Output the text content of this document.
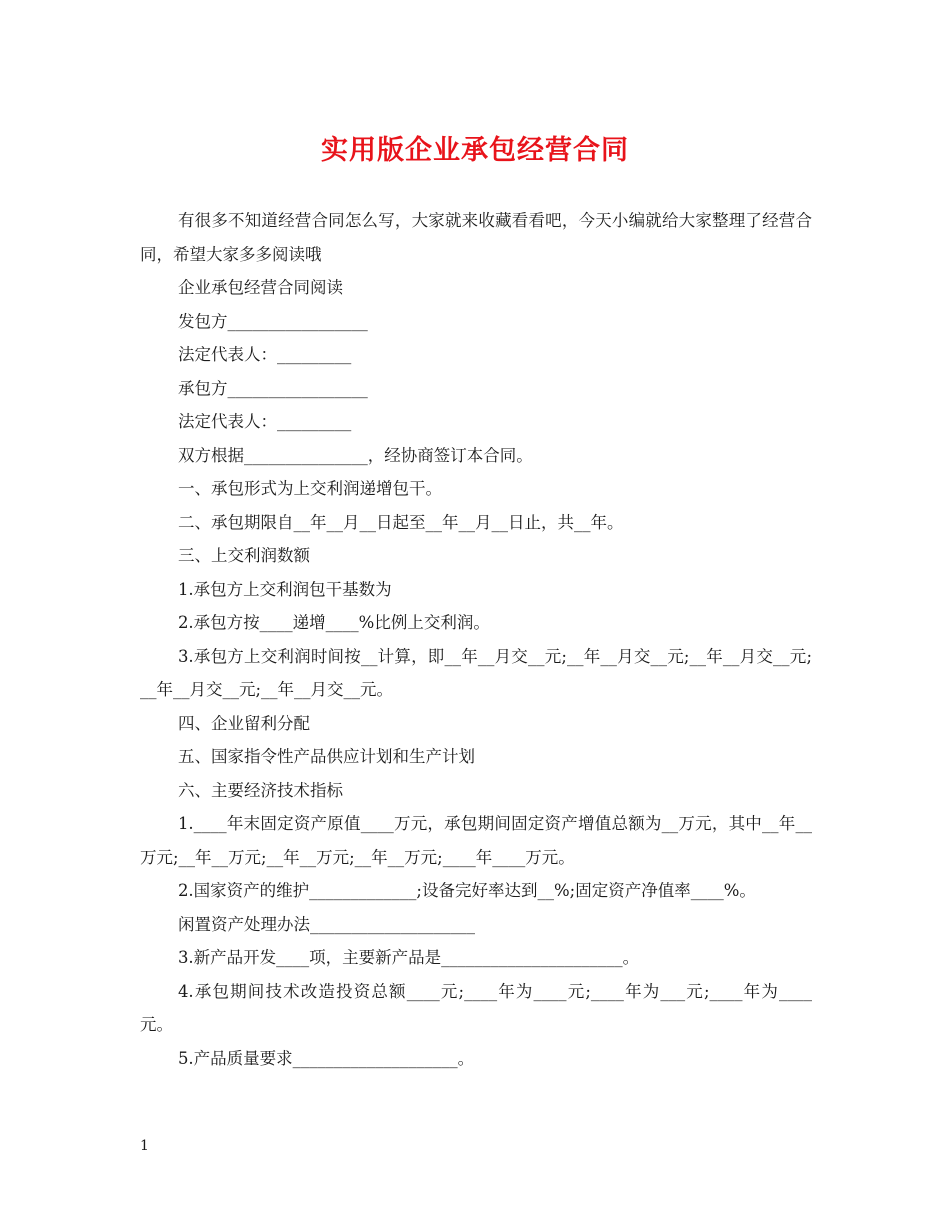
实用版企业承包经营合同

有很多不知道经营合同怎么写，大家就来收藏看看吧，今天小编就给大家整理了经营合同，希望大家多多阅读哦

企业承包经营合同阅读

发包方_________________

法定代表人：_________

承包方_________________

法定代表人：_________

双方根据_______________，经协商签订本合同。

一、承包形式为上交利润递增包干。

二、承包期限自__年__月__日起至__年__月__日止，共__年。

三、上交利润数额

1.承包方上交利润包干基数为

2.承包方按____递增____%比例上交利润。

3.承包方上交利润时间按__计算，即__年__月交__元;__年__月交__元;__年__月交__元;__年__月交__元;__年__月交__元。

四、企业留利分配

五、国家指令性产品供应计划和生产计划

六、主要经济技术指标

1.____年末固定资产原值____万元，承包期间固定资产增值总额为__万元，其中__年__万元;__年__万元;__年__万元;__年__万元;____年____万元。

2.国家资产的维护_____________;设备完好率达到__%;固定资产净值率____%。

闲置资产处理办法____________________

3.新产品开发____项，主要新产品是______________________。

4.承包期间技术改造投资总额____元;____年为____元;____年为___元;____年为____元。

5.产品质量要求____________________。

1
